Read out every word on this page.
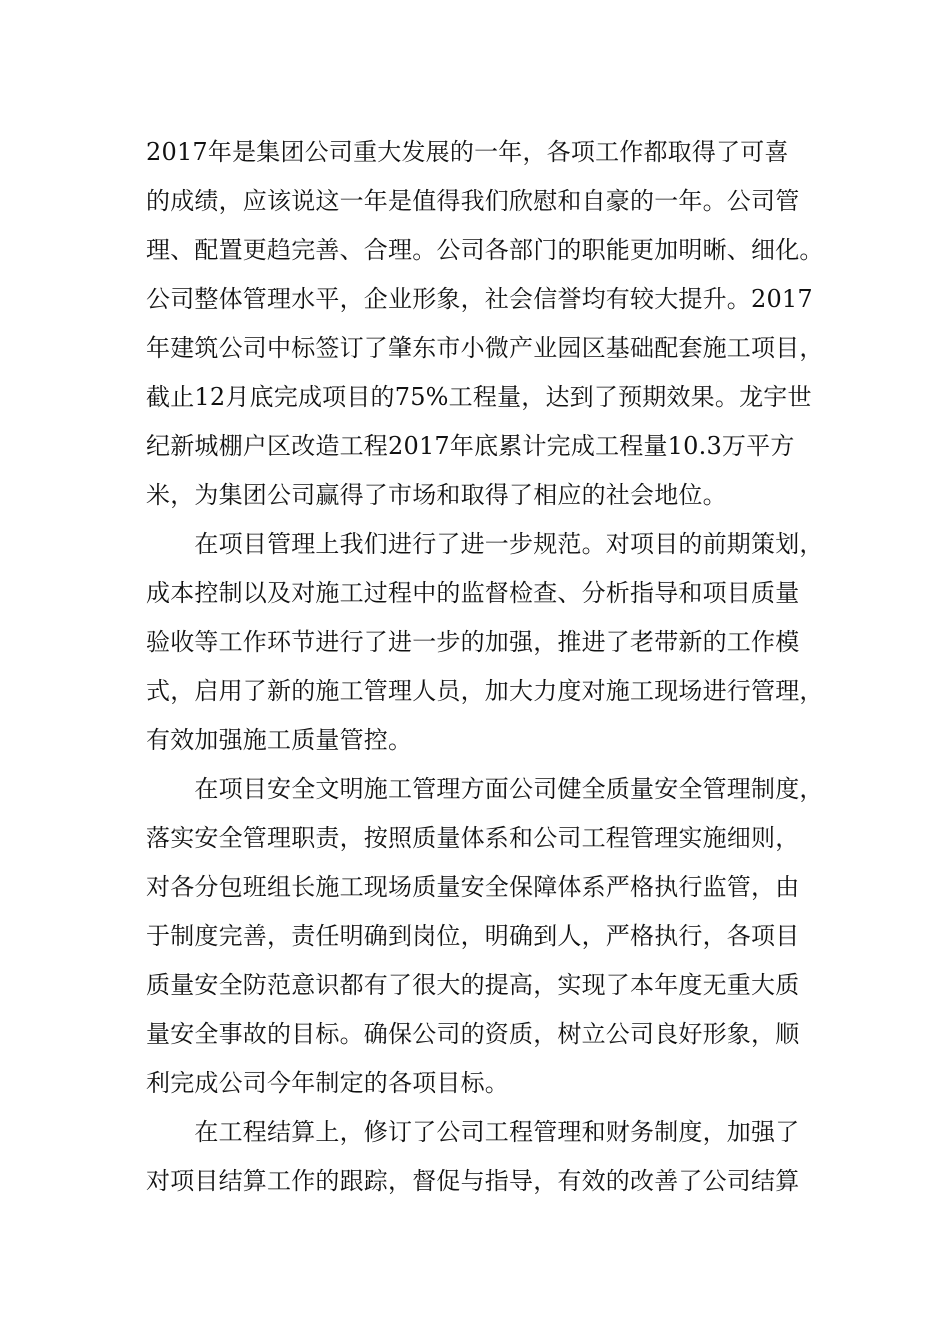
2017年是集团公司重大发展的一年，各项工作都取得了可喜
的成绩，应该说这一年是值得我们欣慰和自豪的一年。公司管
理、配置更趋完善、合理。公司各部门的职能更加明晰、细化。
公司整体管理水平，企业形象，社会信誉均有较大提升。2017
年建筑公司中标签订了肇东市小微产业园区基础配套施工项目，
截止12月底完成项目的75%工程量，达到了预期效果。龙宇世
纪新城棚户区改造工程2017年底累计完成工程量10.3万平方
米，为集团公司赢得了市场和取得了相应的社会地位。
　　在项目管理上我们进行了进一步规范。对项目的前期策划，
成本控制以及对施工过程中的监督检查、分析指导和项目质量
验收等工作环节进行了进一步的加强，推进了老带新的工作模
式，启用了新的施工管理人员，加大力度对施工现场进行管理，
有效加强施工质量管控。
　　在项目安全文明施工管理方面公司健全质量安全管理制度，
落实安全管理职责，按照质量体系和公司工程管理实施细则，
对各分包班组长施工现场质量安全保障体系严格执行监管，由
于制度完善，责任明确到岗位，明确到人，严格执行，各项目
质量安全防范意识都有了很大的提高，实现了本年度无重大质
量安全事故的目标。确保公司的资质，树立公司良好形象，顺
利完成公司今年制定的各项目标。
　　在工程结算上，修订了公司工程管理和财务制度，加强了
对项目结算工作的跟踪，督促与指导，有效的改善了公司结算
